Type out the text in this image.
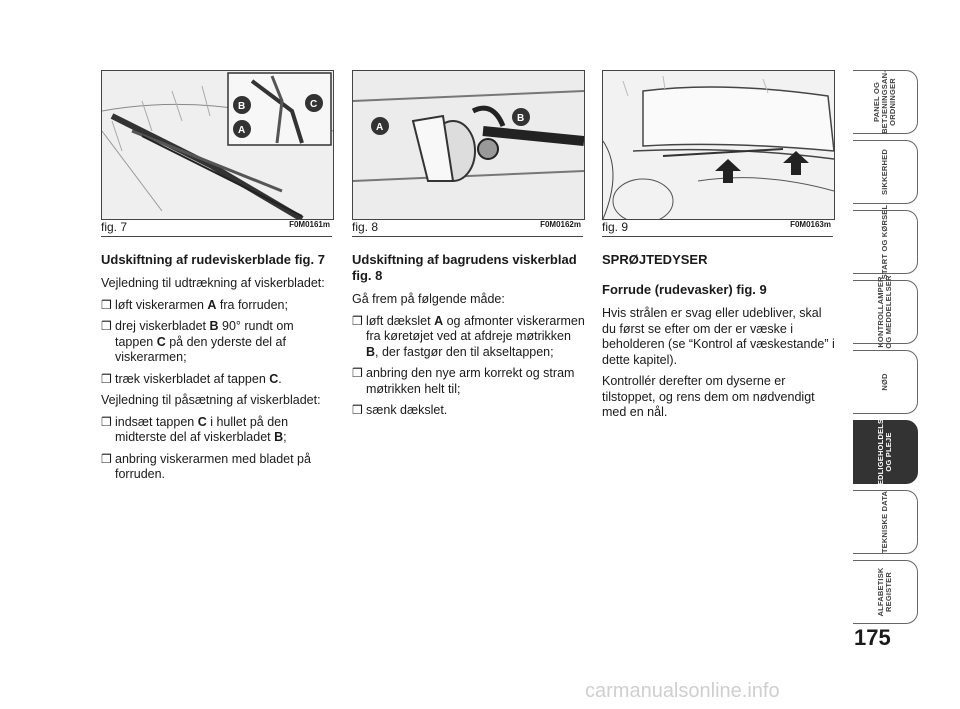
B	C
A
fig. 7	F0M0161m
A
B
fig. 8	F0M0162m fig. 9	F0M0163m
Udskiftning af rudeviskerblade fig. 7

Vejledning til udtrækning af viskerbladet:

❒ løft viskerarmen A fra forruden;
❒ drej viskerbladet B 90° rundt om tappen C på den yderste del af viskerarmen;
❒ træk viskerbladet af tappen C.

Vejledning til påsætning af viskerbladet:

❒ indsæt tappen C i hullet på den midterste del af viskerbladet B;
❒ anbring viskerarmen med bladet på forruden.
Udskiftning af bagrudens viskerblad fig. 8

Gå frem på følgende måde:

❒ løft dækslet A og afmonter viskerarmen fra køretøjet ved at afdreje møtrikken B, der fastgør den til akseltappen;
❒ anbring den nye arm korrekt og stram møtrikken helt til;
❒ sænk dækslet.
SPRØJTEDYSER
Forrude (rudevasker) fig. 9

Hvis strålen er svag eller udebliver, skal du først se efter om der er væske i beholderen (se “Kontrol af væskestande” i dette kapitel).

Kontrollér derefter om dyserne er tilstoppet, og rens dem om nødvendigt med en nål.

PANEL OG
BETJENINGSAN-
ORDNINGER
SIKKERHED
START OG KØRSEL
KONTROLLAMPER
OG MEDDELELSER
NØD
VEDLIGEHOLDELSE
OG PLEJE
TEKNISKE DATA
ALFABETISK
REGISTER
175
carmanualsonline.info
